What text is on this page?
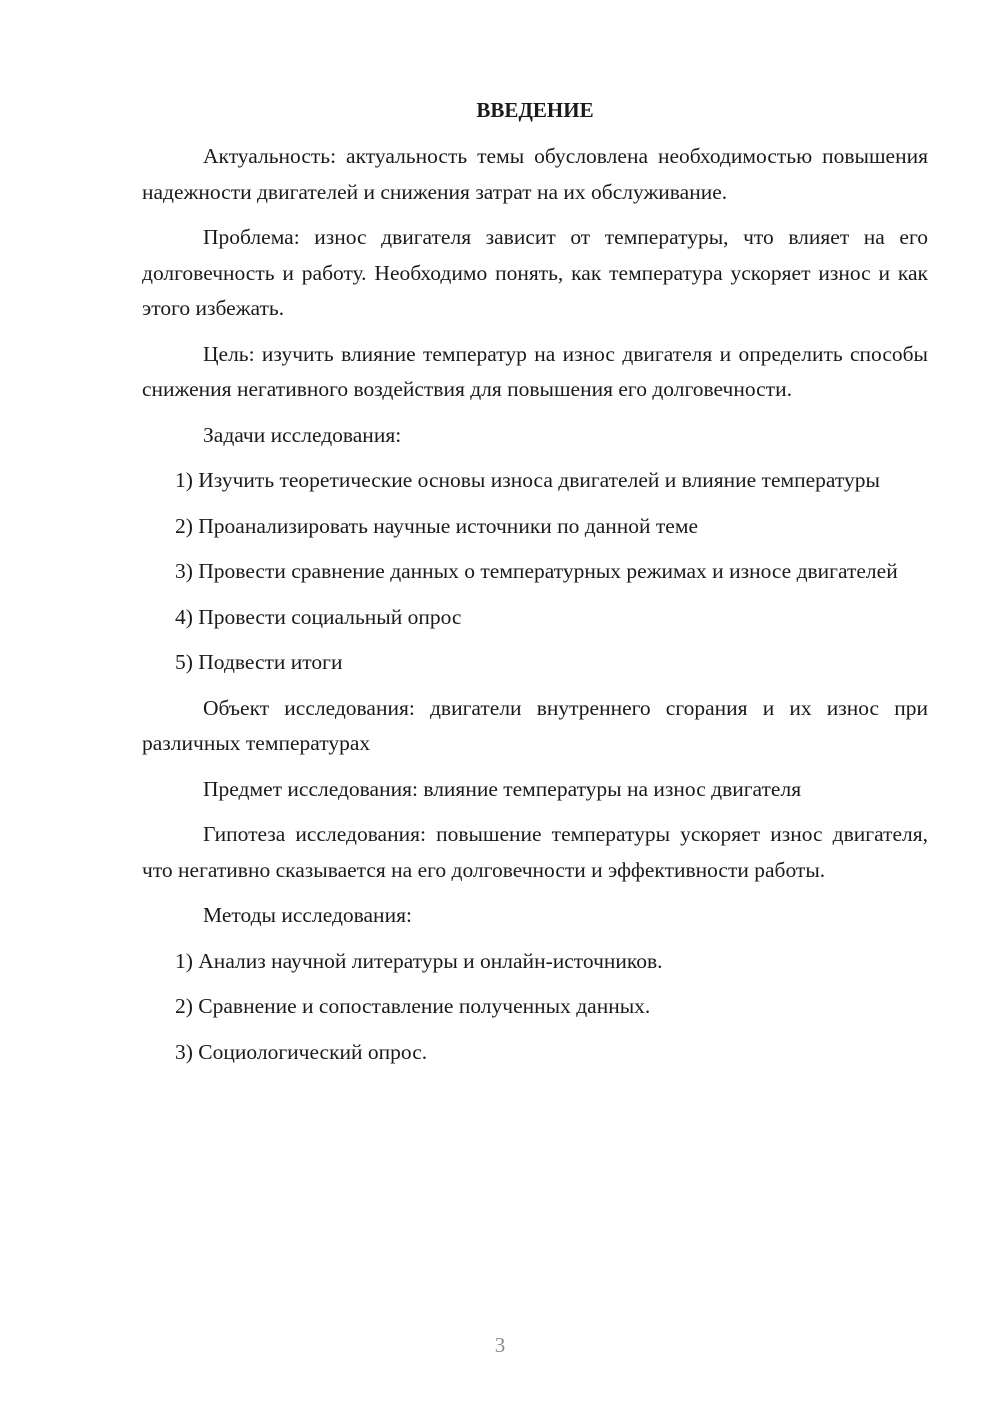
ВВЕДЕНИЕ

Актуальность: актуальность темы обусловлена необходимостью повышения надежности двигателей и снижения затрат на их обслуживание.

Проблема: износ двигателя зависит от температуры, что влияет на его долговечность и работу. Необходимо понять, как температура ускоряет износ и как этого избежать.

Цель: изучить влияние температур на износ двигателя и определить способы снижения негативного воздействия для повышения его долговечности.

Задачи исследования:

1) Изучить теоретические основы износа двигателей и влияние температуры

2) Проанализировать научные источники по данной теме

3) Провести сравнение данных о температурных режимах и износе двигателей

4) Провести социальный опрос

5) Подвести итоги

Объект исследования: двигатели внутреннего сгорания и их износ при различных температурах

Предмет исследования: влияние температуры на износ двигателя

Гипотеза исследования: повышение температуры ускоряет износ двигателя, что негативно сказывается на его долговечности и эффективности работы.

Методы исследования:

1) Анализ научной литературы и онлайн-источников.

2) Сравнение и сопоставление полученных данных.

3) Социологический опрос.

3
